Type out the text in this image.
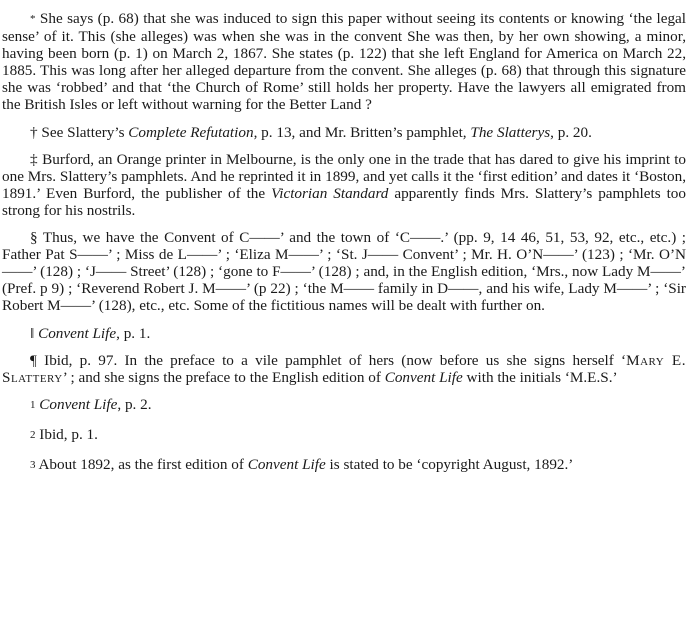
* She says (p. 68) that she was induced to sign this paper without seeing its contents or knowing ‘the legal sense’ of it. This (she alleges) was when she was in the convent She was then, by her own showing, a minor, having been born (p. 1) on March 2, 1867. She states (p. 122) that she left England for America on March 22, 1885. This was long after her alleged departure from the convent. She alleges (p. 68) that through this signature she was ‘robbed’ and that ‘the Church of Rome’ still holds her property. Have the lawyers all emigrated from the British Isles or left without warning for the Better Land ?

† See Slattery’s Complete Refutation, p. 13, and Mr. Britten’s pamphlet, The Slatterys, p. 20.

‡ Burford, an Orange printer in Melbourne, is the only one in the trade that has dared to give his imprint to one Mrs. Slattery’s pamphlets. And he reprinted it in 1899, and yet calls it the ‘first edition’ and dates it ‘Boston, 1891.’ Even Burford, the publisher of the Victorian Standard apparently finds Mrs. Slattery’s pamphlets too strong for his nostrils.

§ Thus, we have the Convent of C——’ and the town of ‘C——.’ (pp. 9, 14 46, 51, 53, 92, etc., etc.) ; Father Pat S——’ ; Miss de L——’ ; ‘Eliza M——’ ; ‘St. J—— Convent’ ; Mr. H. O’N——’ (123) ; ‘Mr. O’N——’ (128) ; ‘J—— Street’ (128) ; ‘gone to F——’ (128) ; and, in the English edition, ‘Mrs., now Lady M——’ (Pref. p 9) ; ‘Reverend Robert J. M——’ (p 22) ; ‘the M—— family in D——, and his wife, Lady M——’ ; ‘Sir Robert M——’ (128), etc., etc. Some of the fictitious names will be dealt with further on.

‖ Convent Life, p. 1.

¶ Ibid, p. 97. In the preface to a vile pamphlet of hers (now before us she signs herself ‘Mary E. Slattery’ ; and she signs the preface to the English edition of Convent Life with the initials ‘M.E.S.’

1 Convent Life, p. 2.

2 Ibid, p. 1.

3 About 1892, as the first edition of Convent Life is stated to be ‘copyright August, 1892.’
